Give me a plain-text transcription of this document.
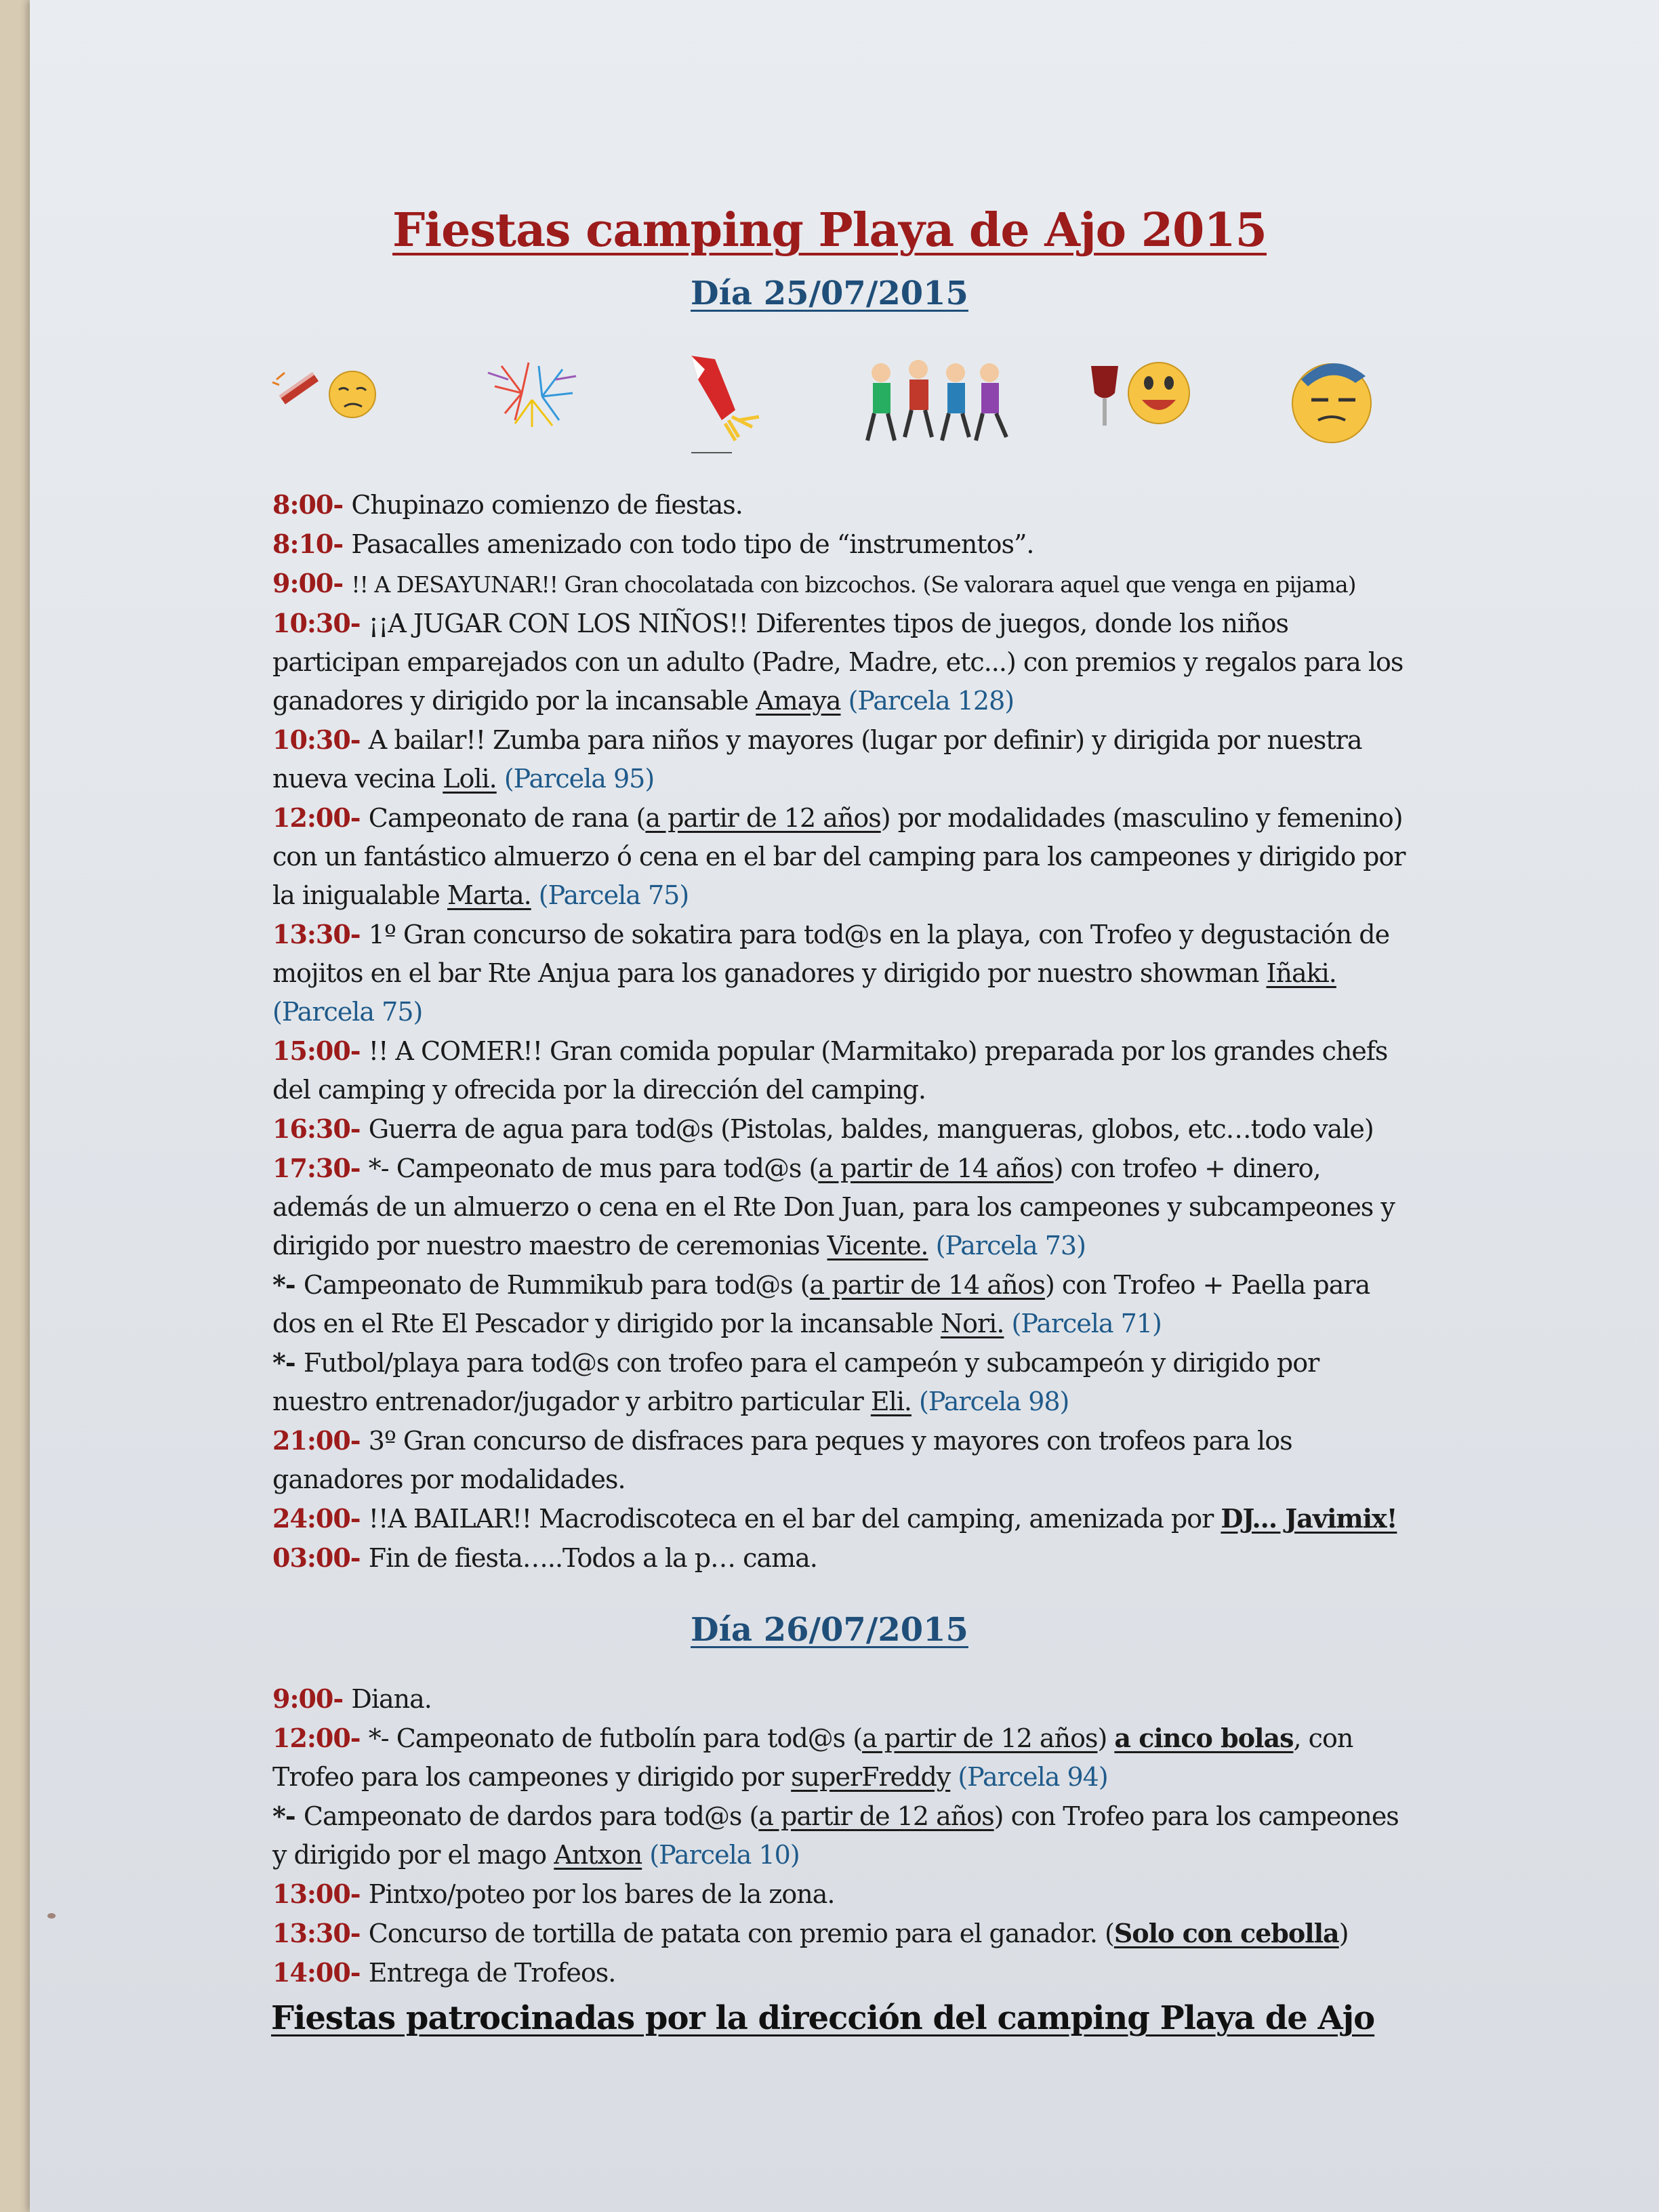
Fiestas camping Playa de Ajo 2015
Día 25/07/2015

8:00- Chupinazo comienzo de fiestas.

8:10- Pasacalles amenizado con todo tipo de “instrumentos”.

9:00- !! A DESAYUNAR!! Gran chocolatada con bizcochos. (Se valorara aquel que venga en pijama)

10:30- ¡¡A JUGAR CON LOS NIÑOS!! Diferentes tipos de juegos, donde los niños participan emparejados con un adulto (Padre, Madre, etc...) con premios y regalos para los ganadores y dirigido por la incansable Amaya (Parcela 128)

10:30- A bailar!! Zumba para niños y mayores (lugar por definir) y dirigida por nuestra nueva vecina Loli. (Parcela 95)

12:00- Campeonato de rana (a partir de 12 años) por modalidades (masculino y femenino) con un fantástico almuerzo ó cena en el bar del camping para los campeones y dirigido por la inigualable Marta. (Parcela 75)

13:30- 1º Gran concurso de sokatira para tod@s en la playa, con Trofeo y degustación de mojitos en el bar Rte Anjua para los ganadores y dirigido por nuestro showman Iñaki. (Parcela 75)

15:00- !! A COMER!! Gran comida popular (Marmitako) preparada por los grandes chefs del camping y ofrecida por la dirección del camping.

16:30- Guerra de agua para tod@s (Pistolas, baldes, mangueras, globos, etc…todo vale)

17:30- *- Campeonato de mus para tod@s (a partir de 14 años) con trofeo + dinero, además de un almuerzo o cena en el Rte Don Juan, para los campeones y subcampeones y dirigido por nuestro maestro de ceremonias Vicente. (Parcela 73)

*- Campeonato de Rummikub para tod@s (a partir de 14 años) con Trofeo + Paella para dos en el Rte El Pescador y dirigido por la incansable Nori. (Parcela 71)

*- Futbol/playa para tod@s con trofeo para el campeón y subcampeón y dirigido por nuestro entrenador/jugador y arbitro particular Eli. (Parcela 98)

21:00- 3º Gran concurso de disfraces para peques y mayores con trofeos para los ganadores por modalidades.

24:00- !!A BAILAR!! Macrodiscoteca en el bar del camping, amenizada por DJ... Javimix!

03:00- Fin de fiesta…..Todos a la p… cama.

Día 26/07/2015

9:00- Diana.

12:00- *- Campeonato de futbolín para tod@s (a partir de 12 años) a cinco bolas, con Trofeo para los campeones y dirigido por superFreddy (Parcela 94)

*- Campeonato de dardos para tod@s (a partir de 12 años) con Trofeo para los campeones y dirigido por el mago Antxon (Parcela 10)

13:00- Pintxo/poteo por los bares de la zona.

13:30- Concurso de tortilla de patata con premio para el ganador. (Solo con cebolla)

14:00- Entrega de Trofeos.

Fiestas patrocinadas por la dirección del camping Playa de Ajo
